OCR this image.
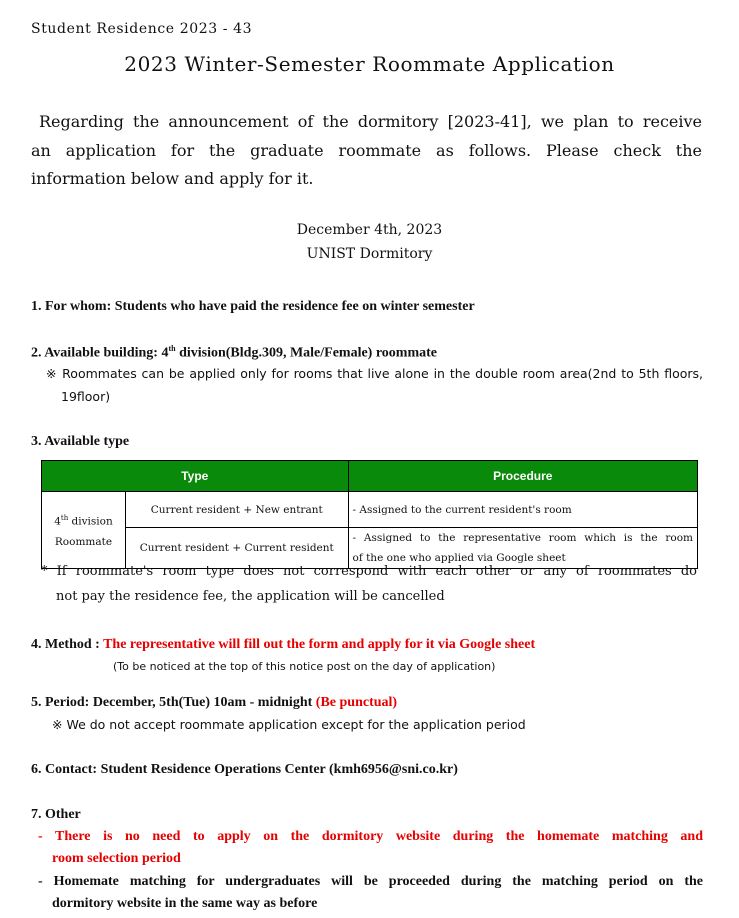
Student Residence 2023 - 43

2023 Winter-Semester Roommate Application

Regarding the announcement of the dormitory [2023-41], we plan to receive

an application for the graduate roommate as follows. Please check the

information below and apply for it.

December 4th, 2023

UNIST Dormitory

1. For whom: Students who have paid the residence fee on winter semester

2. Available building: 4th division(Bldg.309, Male/Female) roommate

※ Roommates can be applied only for rooms that live alone in the double room area(2nd to 5th floors,

19floor)

3. Available type

Type		Procedure
4th division
Roommate	Current resident + New entrant	- Assigned to the current resident's room
	Current resident + Current resident	- Assigned to the representative room which is the room
of the one who applied via Google sheet

* If roommate's room type does not correspond with each other or any of roommates do

not pay the residence fee, the application will be cancelled

4. Method : The representative will fill out the form and apply for it via Google sheet

(To be noticed at the top of this notice post on the day of application)

5. Period: December, 5th(Tue) 10am - midnight (Be punctual)

※ We do not accept roommate application except for the application period

6. Contact: Student Residence Operations Center (kmh6956@sni.co.kr)

7. Other

- There is no need to apply on the dormitory website during the homemate matching and

room selection period

- Homemate matching for undergraduates will be proceeded during the matching period on the

dormitory website in the same way as before
